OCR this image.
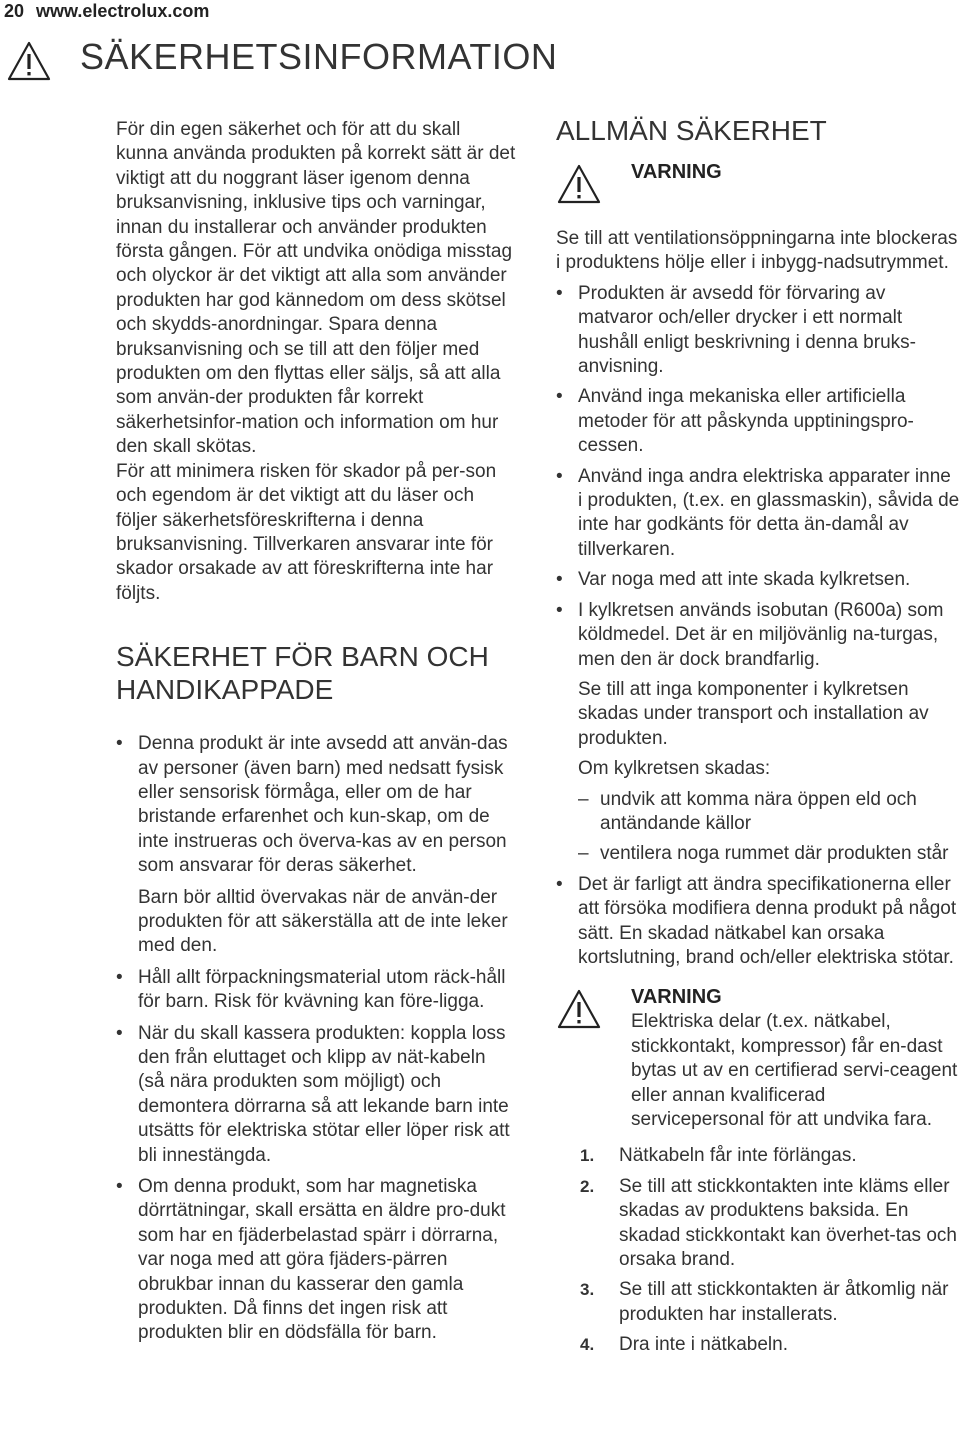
20 www.electrolux.com
SÄKERHETSINFORMATION

För din egen säkerhet och för att du skall kunna använda produkten på korrekt sätt är det viktigt att du noggrant läser igenom denna bruksanvisning, inklusive tips och varningar, innan du installerar och använder produkten första gången. För att undvika onödiga misstag och olyckor är det viktigt att alla som använder produkten har god kännedom om dess skötsel och skydds-anordningar. Spara denna bruksanvisning och se till att den följer med produkten om den flyttas eller säljs, så att alla som använ-der produkten får korrekt säkerhetsinfor-mation och information om hur den skall skötas.

För att minimera risken för skador på per-son och egendom är det viktigt att du läser och följer säkerhetsföreskrifterna i denna bruksanvisning. Tillverkaren ansvarar inte för skador orsakade av att föreskrifterna inte har följts.

SÄKERHET FÖR BARN OCH HANDIKAPPADE

• Denna produkt är inte avsedd att använ-das av personer (även barn) med nedsatt fysisk eller sensorisk förmåga, eller om de har bristande erfarenhet och kun-skap, om de inte instrueras och överva-kas av en person som ansvarar för deras säkerhet.

Barn bör alltid övervakas när de använ-der produkten för att säkerställa att de inte leker med den.

• Håll allt förpackningsmaterial utom räck-håll för barn. Risk för kvävning kan före-ligga.

• När du skall kassera produkten: koppla loss den från eluttaget och klipp av nät-kabeln (så nära produkten som möjligt) och demontera dörrarna så att lekande barn inte utsätts för elektriska stötar eller löper risk att bli innestängda.

• Om denna produkt, som har magnetiska dörrtätningar, skall ersätta en äldre pro-dukt som har en fjäderbelastad spärr i dörrarna, var noga med att göra fjäders-pärren obrukbar innan du kasserar den gamla produkten. Då finns det ingen risk att produkten blir en dödsfälla för barn.

ALLMÄN SÄKERHET
VARNING

Se till att ventilationsöppningarna inte blockeras i produktens hölje eller i inbygg-nadsutrymmet.

• Produkten är avsedd för förvaring av matvaror och/eller drycker i ett normalt hushåll enligt beskrivning i denna bruks-anvisning.

• Använd inga mekaniska eller artificiella metoder för att påskynda upptiningspro-cessen.

• Använd inga andra elektriska apparater inne i produkten, (t.ex. en glassmaskin), såvida de inte har godkänts för detta än-damål av tillverkaren.

• Var noga med att inte skada kylkretsen.

• I kylkretsen används isobutan (R600a) som köldmedel. Det är en miljövänlig na-turgas, men den är dock brandfarlig.

Se till att inga komponenter i kylkretsen skadas under transport och installation av produkten.

Om kylkretsen skadas:

– undvik att komma nära öppen eld och antändande källor

– ventilera noga rummet där produkten står

• Det är farligt att ändra specifikationerna eller att försöka modifiera denna produkt på något sätt. En skadad nätkabel kan orsaka kortslutning, brand och/eller elektriska stötar.

VARNING

Elektriska delar (t.ex. nätkabel, stickkontakt, kompressor) får en-dast bytas ut av en certifierad servi-ceagent eller annan kvalificerad servicepersonal för att undvika fara.

1. Nätkabeln får inte förlängas.

2. Se till att stickkontakten inte kläms eller skadas av produktens baksida. En skadad stickkontakt kan överhet-tas och orsaka brand.

3. Se till att stickkontakten är åtkomlig när produkten har installerats.

4. Dra inte i nätkabeln.
